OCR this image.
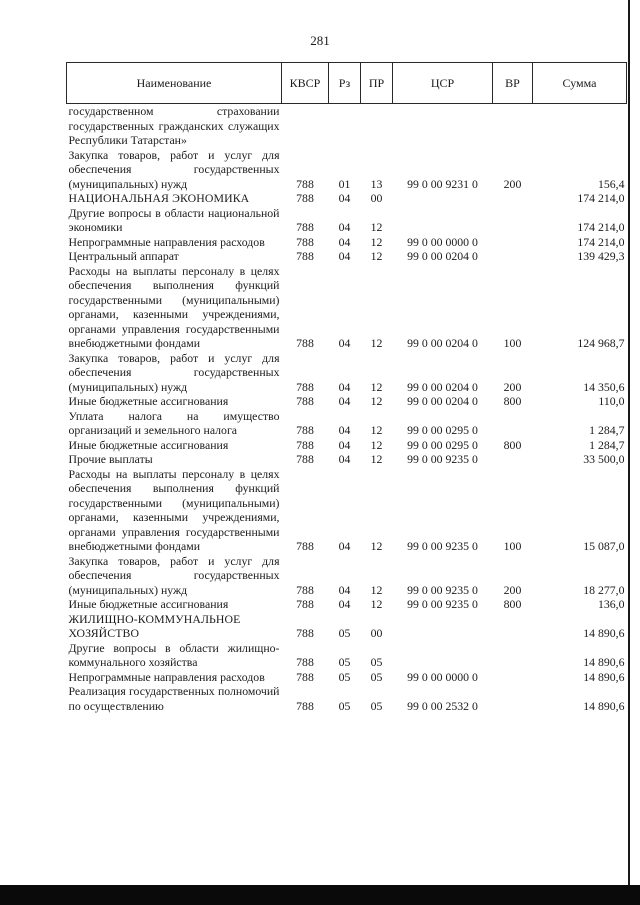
281
Наименование	КВСР	Рз	ПР	ЦСР	ВР	Сумма
государственном страховании государственных гражданских служащих Республики Татарстан»						
Закупка товаров, работ и услуг для обеспечения государственных (муниципальных) нужд	788	01	13	99 0 00 9231 0	200	156,4
НАЦИОНАЛЬНАЯ ЭКОНОМИКА	788	04	00			174 214,0
Другие вопросы в области национальной экономики	788	04	12			174 214,0
Непрограммные направления расходов	788	04	12	99 0 00 0000 0		174 214,0
Центральный аппарат	788	04	12	99 0 00 0204 0		139 429,3
Расходы на выплаты персоналу в целях обеспечения выполнения функций государственными (муниципальными) органами, казенными учреждениями, органами управления государственными внебюджетными фондами	788	04	12	99 0 00 0204 0	100	124 968,7
Закупка товаров, работ и услуг для обеспечения государственных (муниципальных) нужд	788	04	12	99 0 00 0204 0	200	14 350,6
Иные бюджетные ассигнования	788	04	12	99 0 00 0204 0	800	110,0
Уплата налога на имущество организаций и земельного налога	788	04	12	99 0 00 0295 0		1 284,7
Иные бюджетные ассигнования	788	04	12	99 0 00 0295 0	800	1 284,7
Прочие выплаты	788	04	12	99 0 00 9235 0		33 500,0
Расходы на выплаты персоналу в целях обеспечения выполнения функций государственными (муниципальными) органами, казенными учреждениями, органами управления государственными внебюджетными фондами	788	04	12	99 0 00 9235 0	100	15 087,0
Закупка товаров, работ и услуг для обеспечения государственных (муниципальных) нужд	788	04	12	99 0 00 9235 0	200	18 277,0
Иные бюджетные ассигнования	788	04	12	99 0 00 9235 0	800	136,0
ЖИЛИЩНО-КОММУНАЛЬНОЕ ХОЗЯЙСТВО	788	05	00			14 890,6
Другие вопросы в области жилищно-коммунального хозяйства	788	05	05			14 890,6
Непрограммные направления расходов	788	05	05	99 0 00 0000 0		14 890,6
Реализация государственных полномочий по осуществлению	788	05	05	99 0 00 2532 0		14 890,6
